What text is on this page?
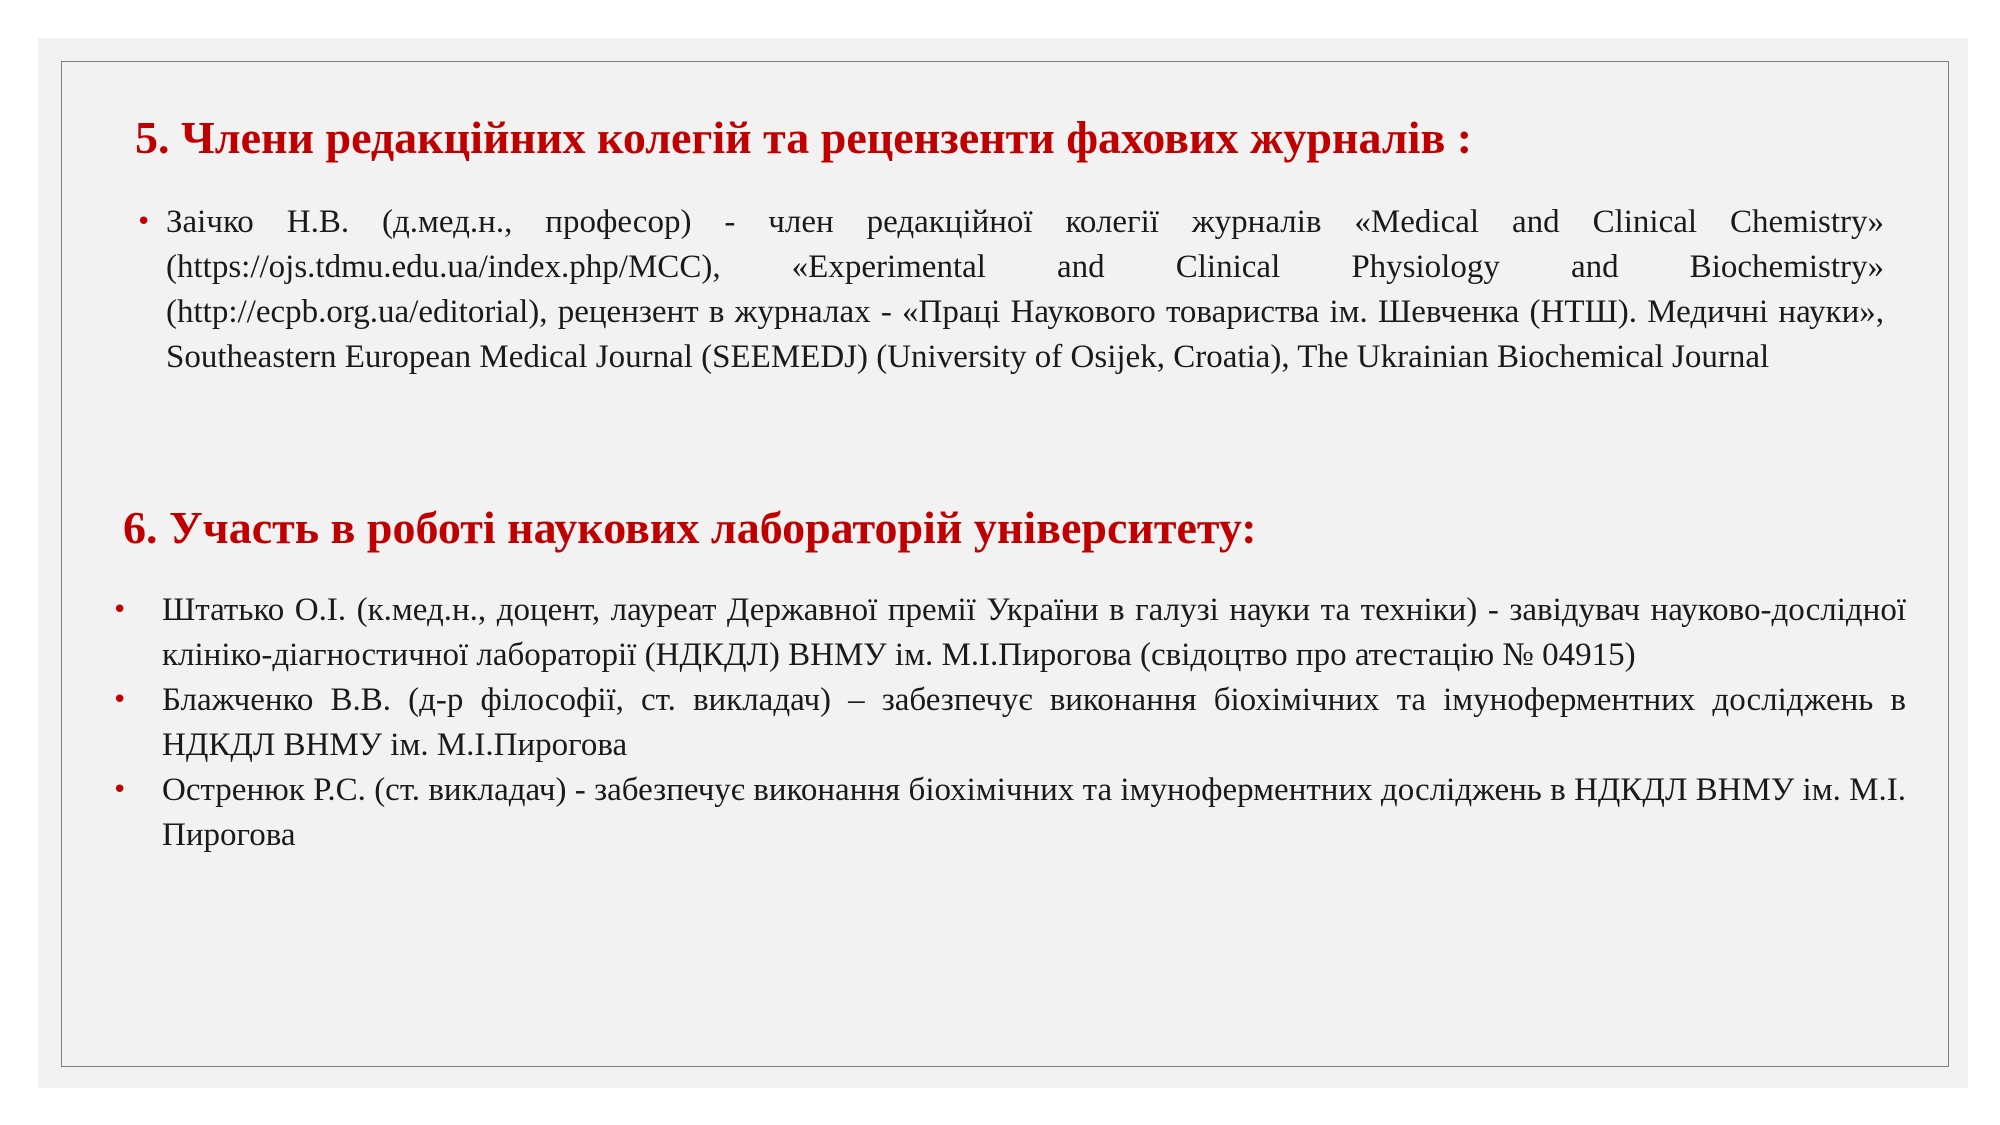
5. Члени редакційних колегій та рецензенти фахових журналів :
• Заічко Н.В. (д.мед.н., професор) - член редакційної колегії журналів «Medical and Clinical Chemistry» (https://ojs.tdmu.edu.ua/index.php/MCC), «Experimental and Clinical Physiology and Biochemistry» (http://ecpb.org.ua/editorial), рецензент в журналах - «Праці Наукового товариства ім. Шевченка (НТШ). Медичні науки», Southeastern European Medical Journal (SEEMEDJ) (University of Osijek, Croatia), The Ukrainian Biochemical Journal
6. Участь в роботі наукових лабораторій університету:
• Штатько О.І. (к.мед.н., доцент, лауреат Державної премії України в галузі науки та техніки) - завідувач науково-дослідної клініко-діагностичної лабораторії (НДКДЛ) ВНМУ ім. М.І.Пирогова (свідоцтво про атестацію № 04915)
• Блажченко В.В. (д-р філософії, ст. викладач) – забезпечує виконання біохімічних та імуноферментних досліджень в НДКДЛ ВНМУ ім. М.І.Пирогова
• Остренюк Р.С. (ст. викладач) - забезпечує виконання біохімічних та імуноферментних досліджень в НДКДЛ ВНМУ ім. М.І. Пирогова
